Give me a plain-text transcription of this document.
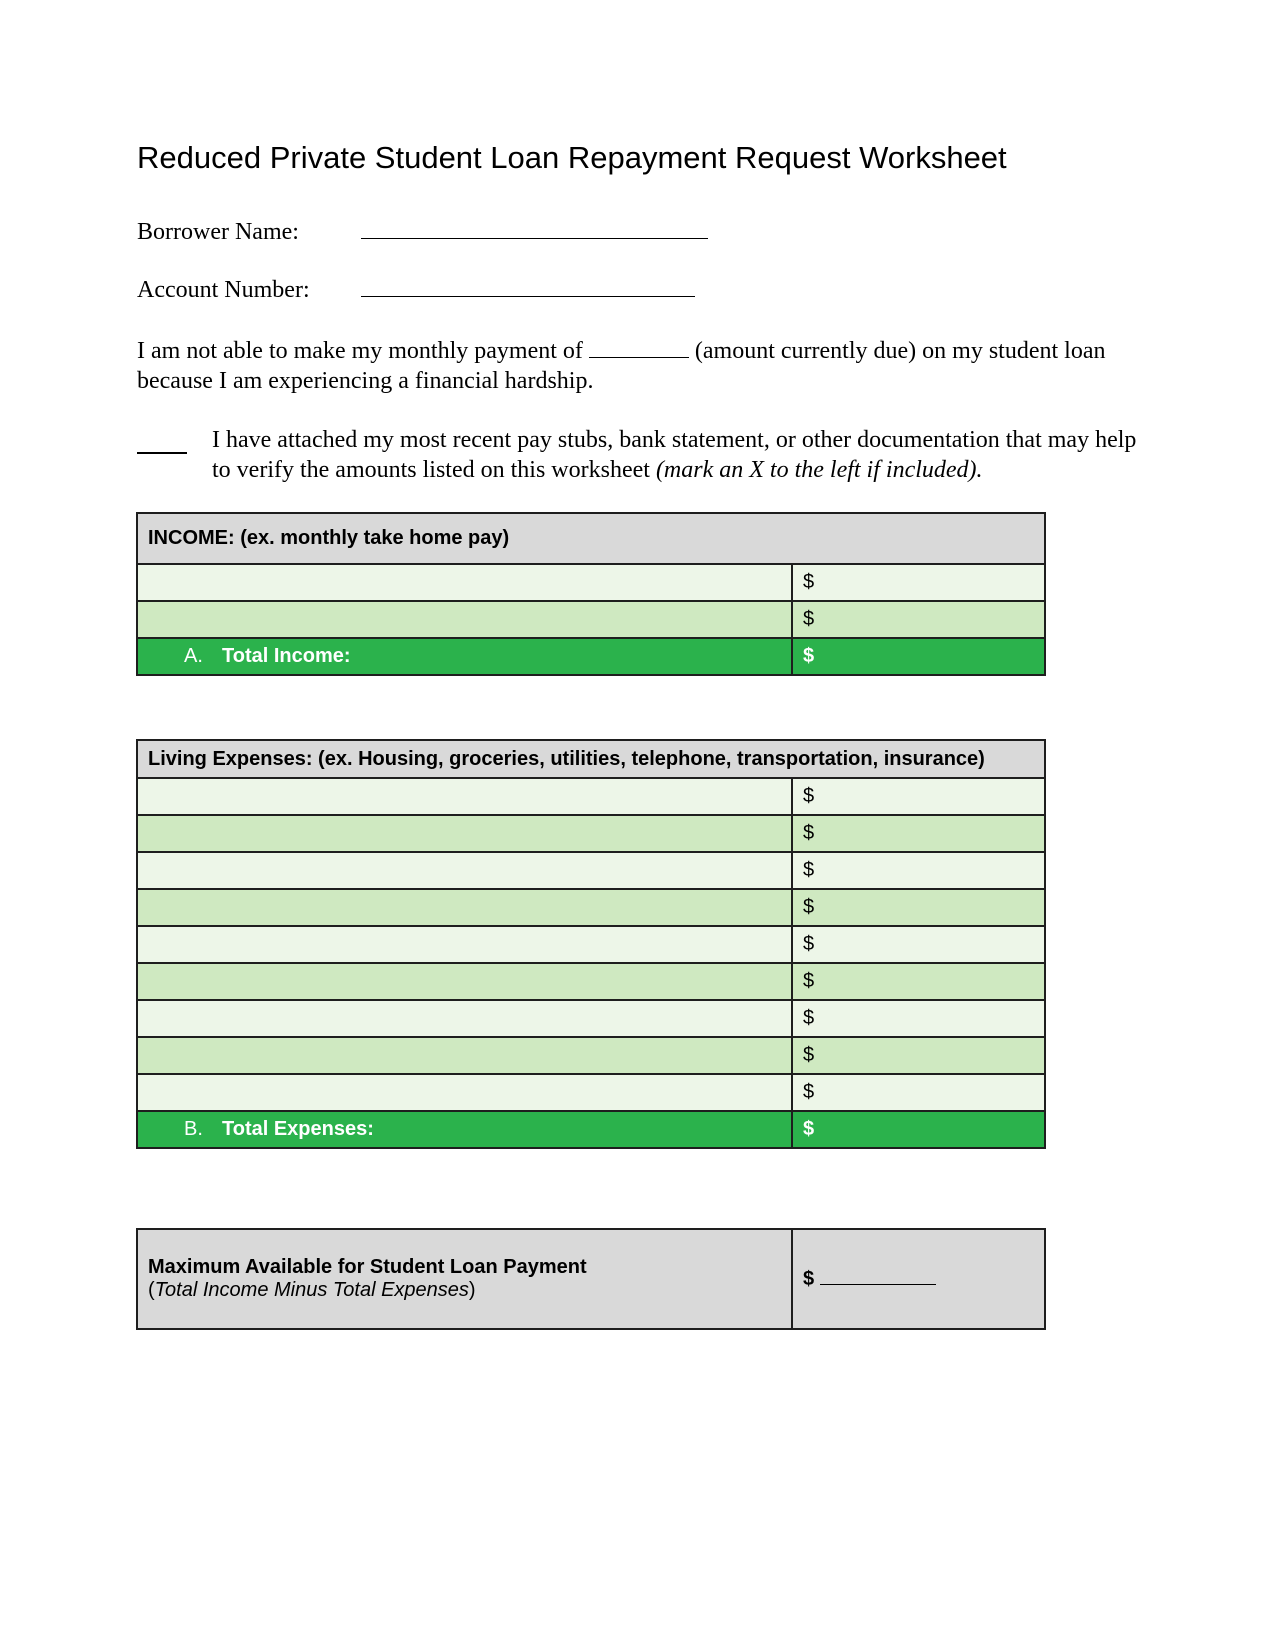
Reduced Private Student Loan Repayment Request Worksheet
Borrower Name:
Account Number:
I am not able to make my monthly payment of	(amount currently due) on my student loan because I am experiencing a financial hardship.
I have attached my most recent pay stubs, bank statement, or other documentation that may help to verify the amounts listed on this worksheet (mark an X to the left if included).
INCOME: (ex. monthly take home pay)	
	$
	$
A. Total Income:	$
Living Expenses: (ex. Housing, groceries, utilities, telephone, transportation, insurance)	
	$
	$
	$
	$
	$
	$
	$
	$
	$
B. Total Expenses:	$
Maximum Available for Student Loan Payment
(Total Income Minus Total Expenses)
	$
